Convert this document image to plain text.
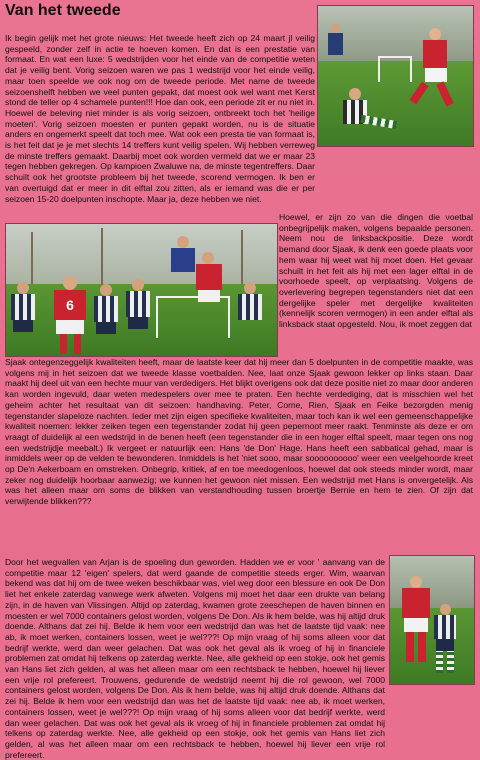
Van het tweede
Ik begin gelijk met het grote nieuws: Het tweede heeft zich op 24 maart jl veilig gespeeld, zonder zelf in actie te hoeven komen. En dat is een prestatie van formaat. En wat een luxe: 5 wedstrijden voor het einde van de competitie weten dat je veilig bent. Vorig seizoen waren we pas 1 wedstrijd voor het einde veilig, maar toen speelde we ook nog om de tweede periode. Met name de tweede seizoenshelft hebben we veel punten gepakt, dat moest ook wel want met Kerst stond de teller op 4 schamele punten!!! Hoe dan ook, een periode zit er nu niet in. Hoewel de beleving niet minder is als vorig seizoen, ontbreekt toch het 'heilige moeten'. Vorig seizoen moesten er punten gepakt worden, nu is de situatie anders en ongemerkt speelt dat toch mee. Wat ook een presta tie van formaat is, is het feit dat je je met slechts 14 treffers kunt veilig spelen. Wij hebben verreweg de minste treffers gemaakt. Daarbij moet ook worden vermeld dat we er maar 23 tegen hebben gekregen. Op kampioen Zwaluwe na, de minste tegentreffers. Daar schuilt ook het grootste probleem bij het tweede, scorend vermogen. Ik ben er van overtuigd dat er meer in dit elftal zou zitten, als er iemand was die er per seizoen 15-20 doelpunten inschopte. Maar ja, deze hebben we niet.
6
Hoewel, er zijn zo van die dingen die voetbal onbegrijpelijk maken, volgens bepaalde personen. Neem nou de linksbackpositie. Deze wordt bemand door Sjaak, ik denk een goede plaats voor hem waar hij weet wat hij moet doen. Het gevaar schuilt in het feit als hij met een lager elftal in de voorhoede speelt, op verplaatsing. Volgens de overlevering begrepen tegenstanders niet dat een dergelijke speler met dergelijke kwaliteiten (kennelijk scoren vermogen) in een ander elftal als linksback staat opgesteld. Nou, ik moet zeggen dat
Sjaak ontegenzeggelijk kwaliteiten heeft, maar de laatste keer dat hij meer dan 5 doelpunten in de competitie maakte, was volgens mij in het seizoen dat we tweede klasse voetbalden. Nee, laat onze Sjaak gewoon lekker op links staan. Daar maakt hij deel uit van een hechte muur van verdedigers. Het blijkt overigens ook dat deze positie niet zo maar door anderen kan worden ingevuld, daar weten medespelers over mee te praten. Een hechte verdediging, dat is misschien wel het geheim achter het resultaat van dit seizoen: handhaving. Peter, Corne, Rien, Sjaak en Feike bezorgden menig tegenstander slapeloze nachten. Ieder met zijn eigen specifieke kwaliteiten, maar toch kan ik wel een gemeenschappelijke kwaliteit noemen: lekker zeiken tegen een tegenstander zodat hij geen pepernoot meer raakt. Tenminste als deze er om vraagt of duidelijk al een wedstrijd in de benen heeft (een tegenstander die in een hoger elftal speelt, maar tegen ons nog een wedstrijdje meebalt.) Ik vergeet er natuurlijk een: Hans 'de Don' Hage. Hans heeft een sabbatical gehad, maar is inmiddels weer op de velden te bewonderen. Inmiddels is het 'niet sooo, maar soooooooooo' weer een veelgehoorde kreet op De'n Aekerboam en omstreken. Onbegrip, kritiek, af en toe meedogenloos, hoewel dat ook steeds minder wordt, maar zeker nog duidelijk hoorbaar aanwezig; we kunnen het gewoon niet missen. Een wedstrijd met Hans is onvergetelijk. Als was het alleen maar om soms de blikken van verstandhouding tussen broertje Bernie en hem te zien. Of zijn dat verwijtende blikken???
Door het wegvallen van Arjan is de spoeling dun geworden. Hadden we er voor ' aanvang van de competitie maar 12 'eigen' spelers, dat werd gaande de competitie steeds erger. Wim, waarvan bekend was dat hij om de twee weken beschikbaar was, viel weg door een blessure en ook De Don liet het enkele zaterdag vanwege werk afweten. Volgens mij moet het daar een drukte van belang zijn, in de haven van Vlissingen. Altijd op zaterdag, kwamen grote zeeschepen de haven binnen en moesten er wel 7000 containers gelost worden, volgens De Don. Als ik hem belde, was hij altijd druk doende. Althans dat zei hij. Belde ik hem voor een wedstrijd dan was het de laatste tijd vaak: nee ab, ik moet werken, containers lossen, weet je wel???! Op mijn vraag of hij soms alleen voor dat bedrijf werkte, werd dan weer gelachen. Dat was ook het geval als ik vroeg of hij in financiele problemen zat omdat hij telkens op zaterdag werkte. Nee, alle gekheid op een stokje, ook het gemis van Hans liet zich gelden, al was het alleen maar om een rechtsback te hebben, hoewel hij liever een vrije rol prefereert. Trouwens, gedurende de wedstrijd neemt hij die rol gewoon, wel 7000 containers gelost worden, volgens De Don. Als ik hem belde, was hij altijd druk doende. Althans dat zei hij. Belde ik hem voor een wedstrijd dan was het de laatste tijd vaak: nee ab, ik moet werken, containers lossen, weet je wel???! Op mijn vraag of hij soms alleen voor dat bedrijf werkte, werd dan weer gelachen. Dat was ook het geval als ik vroeg of hij in financiele problemen zat omdat hij telkens op zaterdag werkte. Nee, alle gekheid op een stokje, ook het gemis van Hans liet zich gelden, al was het alleen maar om een rechtsback te hebben, hoewel hij liever een vrije rol prefereert.
